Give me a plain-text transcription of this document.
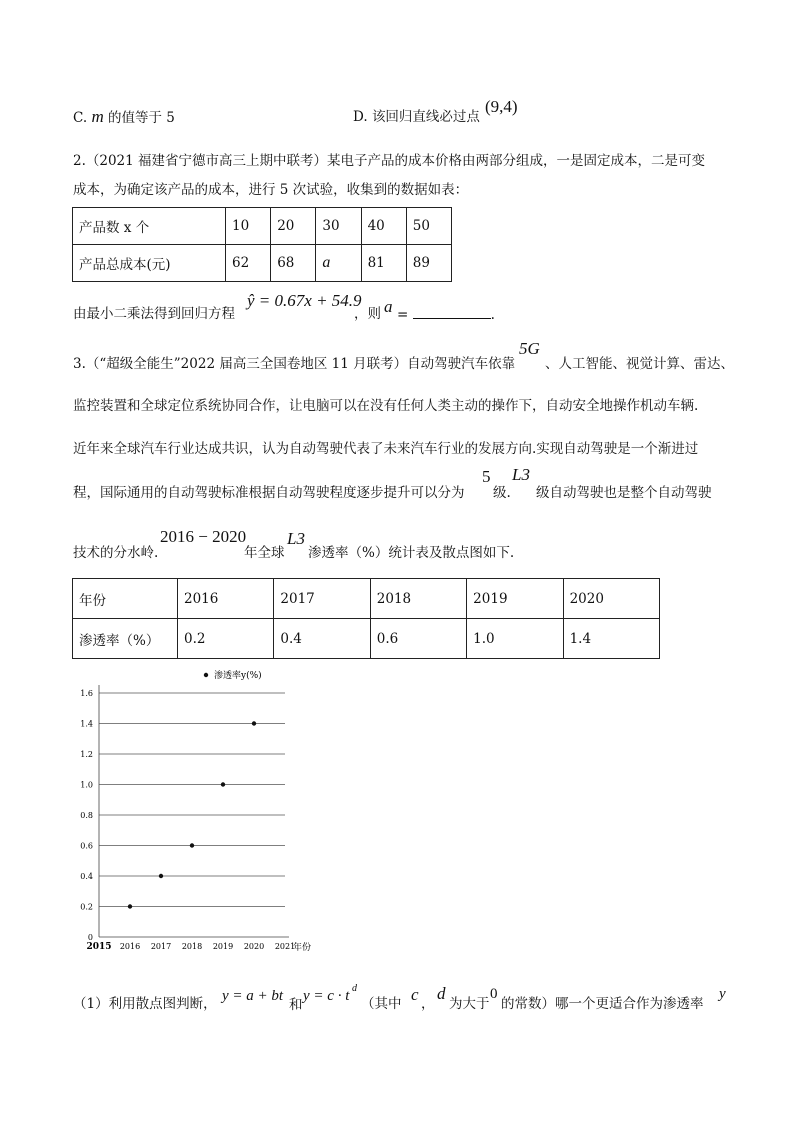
C. m 的值等于 5	D. 该回归直线必过点
(9,4)
2.（2021 福建省宁德市高三上期中联考）某电子产品的成本价格由两部分组成，一是固定成本，二是可变
成本，为确定该产品的成本，进行 5 次试验，收集到的数据如表：
产品数 x 个	10	20	30	40	50
产品总成本(元)	62	68	a	81	89
由最小二乘法得到回归方程
ŷ = 0.67x + 54.9
，则 a =	.
3.（“超级全能生”2022 届高三全国卷地区 11 月联考）自动驾驶汽车依靠
5G
、人工智能、视觉计算、雷达、
监控装置和全球定位系统协同合作，让电脑可以在没有任何人类主动的操作下，自动安全地操作机动车辆.
近年来全球汽车行业达成共识，认为自动驾驶代表了未来汽车行业的发展方向.实现自动驾驶是一个渐进过
程，国际通用的自动驾驶标准根据自动驾驶程度逐步提升可以分为
5
级.
L3
级自动驾驶也是整个自动驾驶
技术的分水岭.
2016 − 2020
年全球
L3
渗透率（%）统计表及散点图如下.
年份	2016	2017	2018	2019	2020
渗透率（%）	0.2	0.4	0.6	1.0	1.4
0
0.2
0.4
0.6
0.8
1.0
1.2
1.4
1.6
2015 2016 2017 2018 2019 2020 2021
年份
渗透率y(%)
（1）利用散点图判断， y = a + bt
和
y = c · t d
（其中 c ，
d
为大于
0
的常数）哪一个更适合作为渗透率
y
